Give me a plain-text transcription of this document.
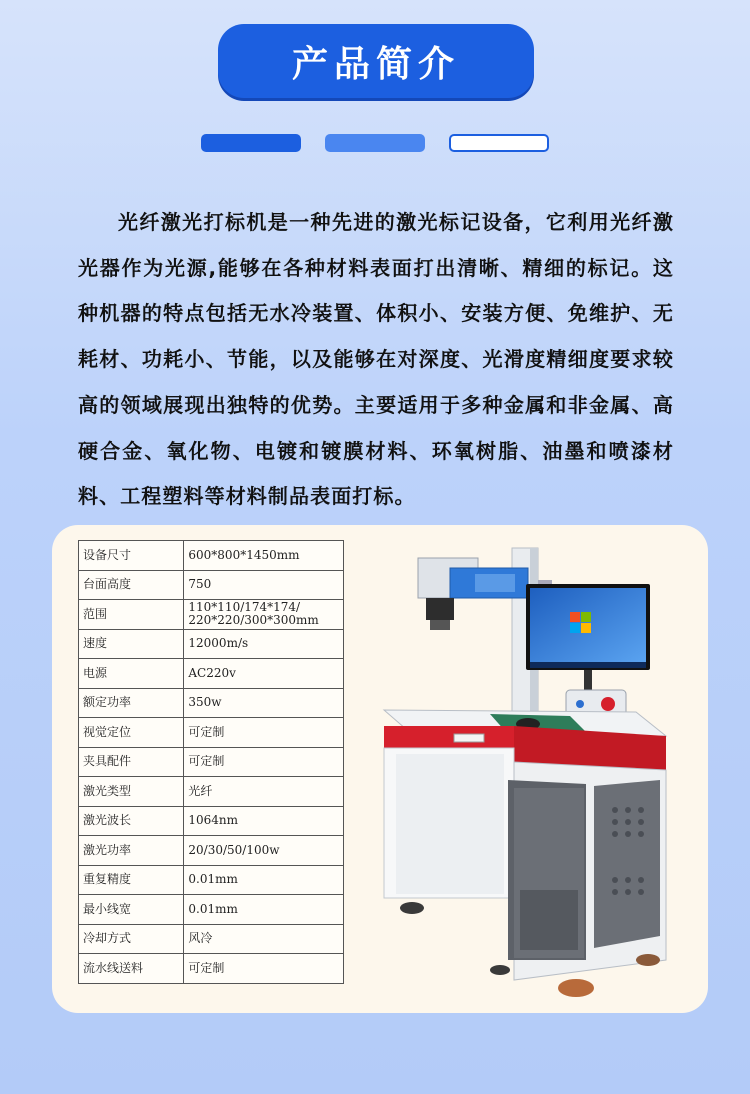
产品简介

光纤激光打标机是一种先进的激光标记设备，它利用光纤激光器作为光源,能够在各种材料表面打出清晰、精细的标记。这种机器的特点包括无水冷装置、体积小、安装方便、免维护、无耗材、功耗小、节能，以及能够在对深度、光滑度精细度要求较高的领域展现出独特的优势。主要适用于多种金属和非金属、高硬合金、氧化物、电镀和镀膜材料、环氧树脂、油墨和喷漆材料、工程塑料等材料制品表面打标。

设备尺寸	600*800*1450mm
台面高度	750
范围	110*110/174*174/ 220*220/300*300mm
速度	12000m/s
电源	AC220v
额定功率	350w
视觉定位	可定制
夹具配件	可定制
激光类型	光纤
激光波长	1064nm
激光功率	20/30/50/100w
重复精度	0.01mm
最小线宽	0.01mm
冷却方式	风冷
流水线送料	可定制
